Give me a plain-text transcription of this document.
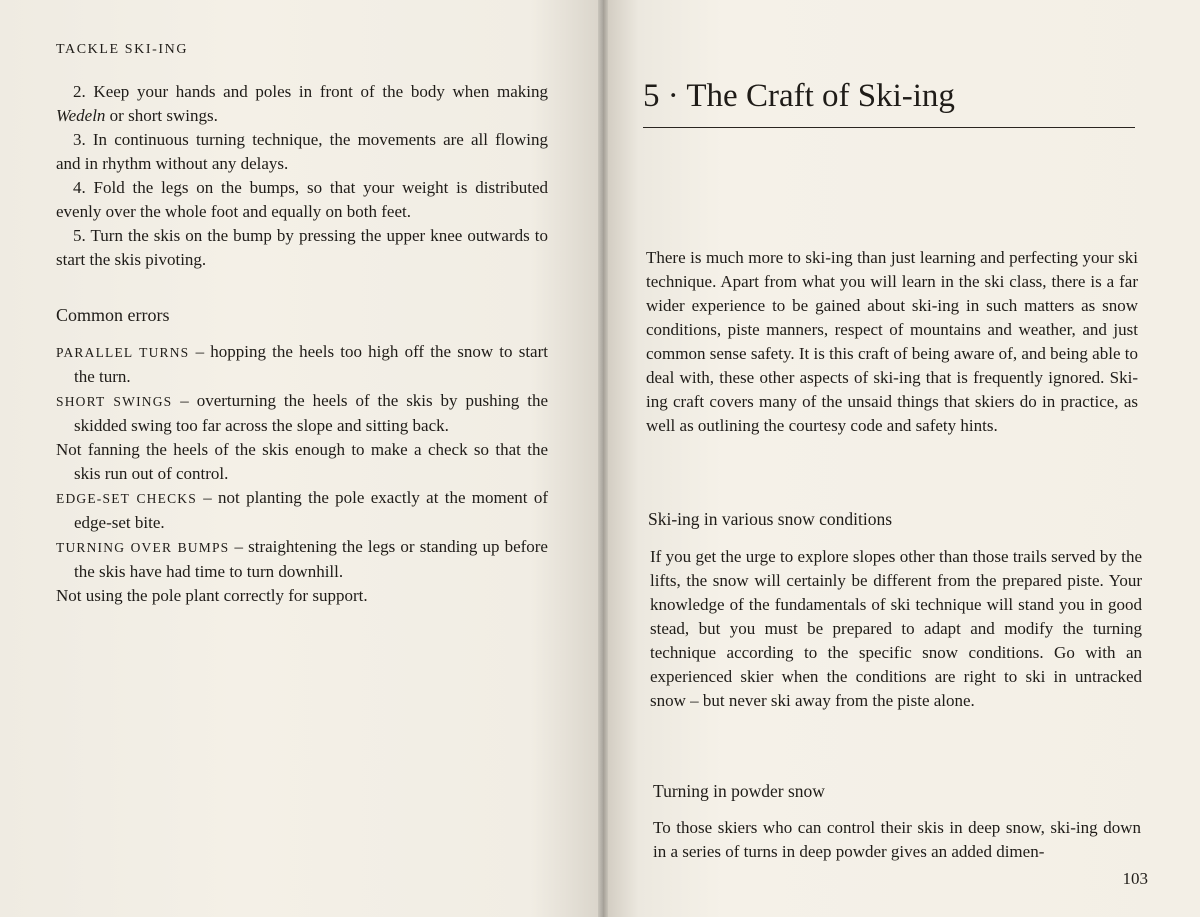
TACKLE SKI-ING

2. Keep your hands and poles in front of the body when making Wedeln or short swings.

3. In continuous turning technique, the movements are all flowing and in rhythm without any delays.

4. Fold the legs on the bumps, so that your weight is distributed evenly over the whole foot and equally on both feet.

5. Turn the skis on the bump by pressing the upper knee outwards to start the skis pivoting.

Common errors

PARALLEL TURNS – hopping the heels too high off the snow to start the turn.

SHORT SWINGS – overturning the heels of the skis by pushing the skidded swing too far across the slope and sitting back.

Not fanning the heels of the skis enough to make a check so that the skis run out of control.

EDGE-SET CHECKS – not planting the pole exactly at the moment of edge-set bite.

TURNING OVER BUMPS – straightening the legs or standing up before the skis have had time to turn downhill.

Not using the pole plant correctly for support.

5 · The Craft of Ski-ing

There is much more to ski-ing than just learning and perfecting your ski technique. Apart from what you will learn in the ski class, there is a far wider experience to be gained about ski-ing in such matters as snow conditions, piste manners, respect of mountains and weather, and just common sense safety. It is this craft of being aware of, and being able to deal with, these other aspects of ski-ing that is frequently ignored. Ski-ing craft covers many of the unsaid things that skiers do in practice, as well as outlining the courtesy code and safety hints.

Ski-ing in various snow conditions

If you get the urge to explore slopes other than those trails served by the lifts, the snow will certainly be different from the prepared piste. Your knowledge of the fundamentals of ski technique will stand you in good stead, but you must be prepared to adapt and modify the turning technique according to the specific snow conditions. Go with an experienced skier when the conditions are right to ski in untracked snow – but never ski away from the piste alone.

Turning in powder snow

To those skiers who can control their skis in deep snow, ski-ing down in a series of turns in deep powder gives an added dimen-

103
